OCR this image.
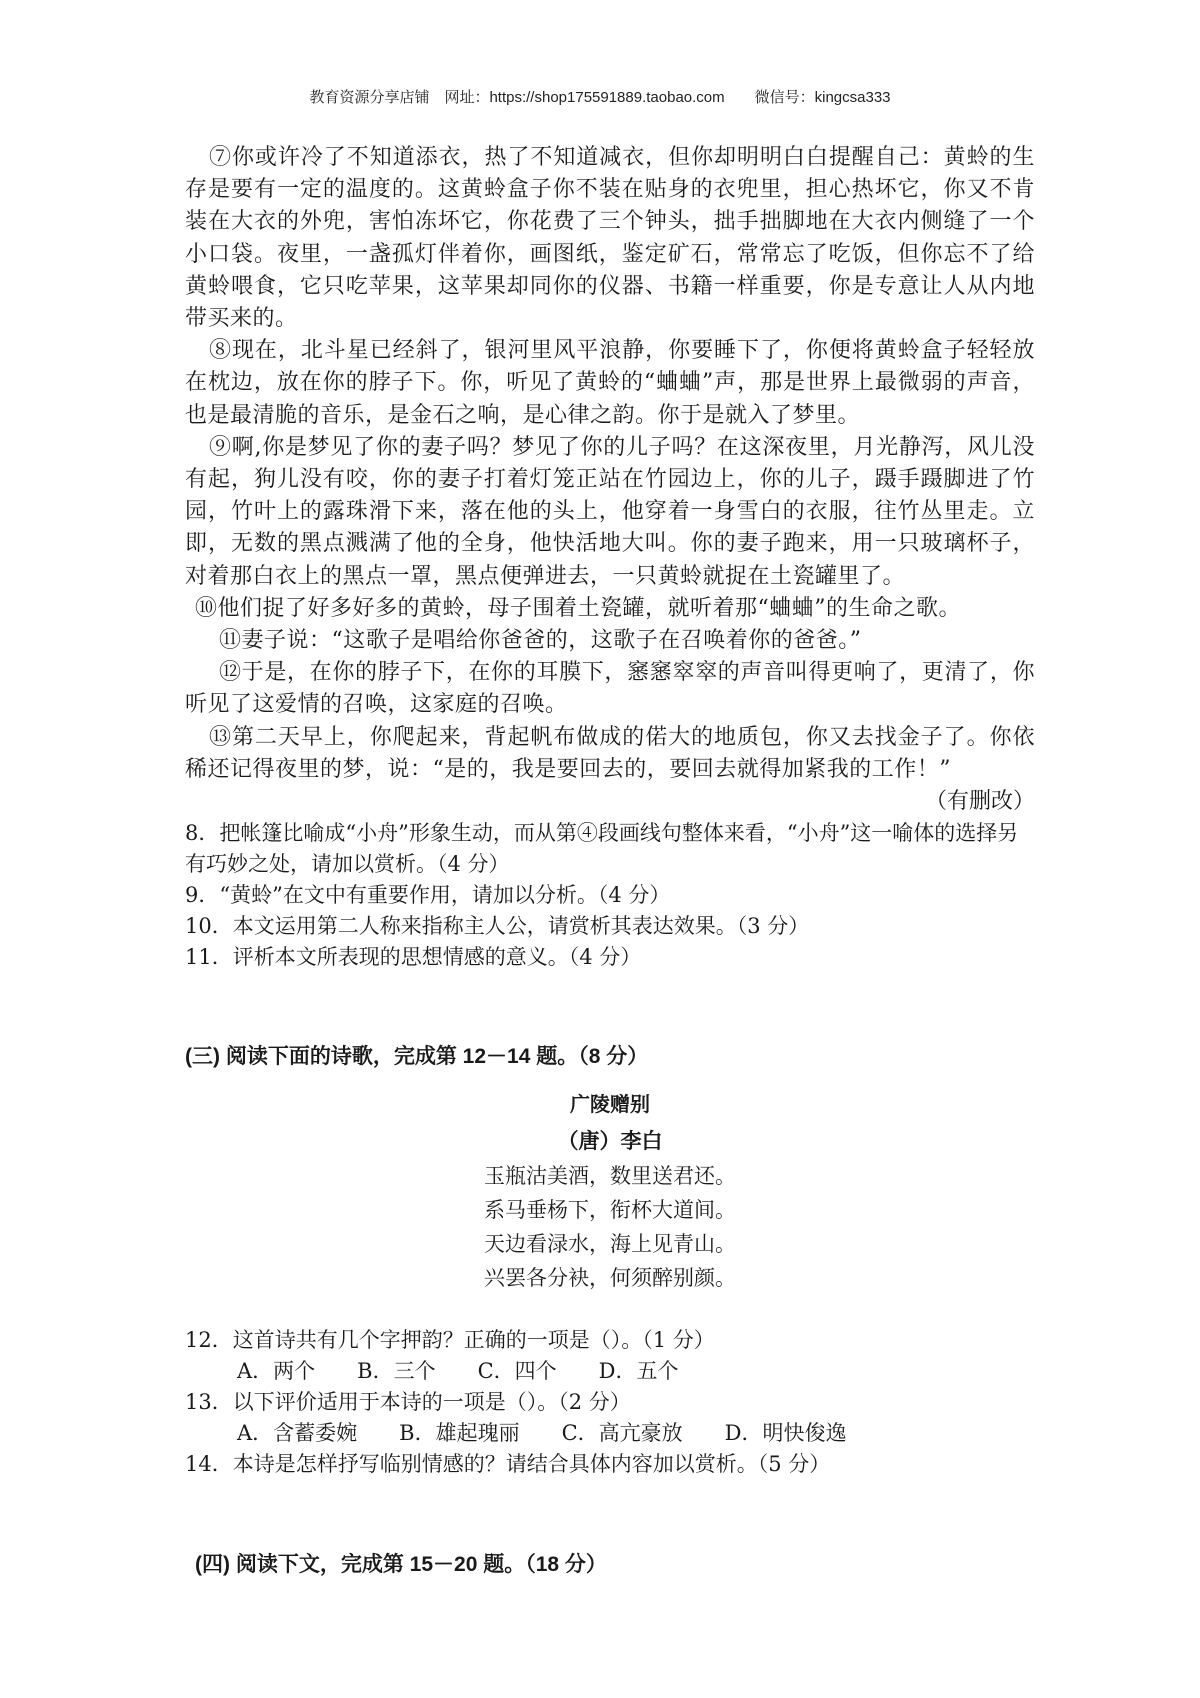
教育资源分享店铺　网址：https://shop175591889.taobao.com　　微信号：kingcsa333

⑦你或许冷了不知道添衣，热了不知道减衣，但你却明明白白提醒自己：黄蛉的生存是要有一定的温度的。这黄蛉盒子你不装在贴身的衣兜里，担心热坏它，你又不肯装在大衣的外兜，害怕冻坏它，你花费了三个钟头，拙手拙脚地在大衣内侧缝了一个小口袋。夜里，一盏孤灯伴着你，画图纸，鉴定矿石，常常忘了吃饭，但你忘不了给黄蛉喂食，它只吃苹果，这苹果却同你的仪器、书籍一样重要，你是专意让人从内地带买来的。

⑧现在，北斗星已经斜了，银河里风平浪静，你要睡下了，你便将黄蛉盒子轻轻放在枕边，放在你的脖子下。你，听见了黄蛉的“蛐蛐”声，那是世界上最微弱的声音，也是最清脆的音乐，是金石之响，是心律之韵。你于是就入了梦里。

⑨啊,你是梦见了你的妻子吗？梦见了你的儿子吗？在这深夜里，月光静泻，风儿没有起，狗儿没有咬，你的妻子打着灯笼正站在竹园边上，你的儿子，蹑手蹑脚进了竹园，竹叶上的露珠滑下来，落在他的头上，他穿着一身雪白的衣服，往竹丛里走。立即，无数的黑点溅满了他的全身，他快活地大叫。你的妻子跑来，用一只玻璃杯子，对着那白衣上的黑点一罩，黑点便弹进去，一只黄蛉就捉在土瓷罐里了。

⑩他们捉了好多好多的黄蛉，母子围着土瓷罐，就听着那“蛐蛐”的生命之歌。

⑪妻子说：“这歌子是唱给你爸爸的，这歌子在召唤着你的爸爸。”

⑫于是，在你的脖子下，在你的耳膜下，窸窸窣窣的声音叫得更响了，更清了，你听见了这爱情的召唤，这家庭的召唤。

⑬第二天早上，你爬起来，背起帆布做成的偌大的地质包，你又去找金子了。你依稀还记得夜里的梦，说：“是的，我是要回去的，要回去就得加紧我的工作！”

（有删改）

8．把帐篷比喻成“小舟”形象生动，而从第④段画线句整体来看，“小舟”这一喻体的选择另有巧妙之处，请加以赏析。（4 分）

9．“黄蛉”在文中有重要作用，请加以分析。（4 分）

10．本文运用第二人称来指称主人公，请赏析其表达效果。（3 分）

11．评析本文所表现的思想情感的意义。（4 分）

(三) 阅读下面的诗歌，完成第 12－14 题。（8 分）

广陵赠别

（唐）李白

玉瓶沽美酒，数里送君还。

系马垂杨下，衔杯大道间。

天边看渌水，海上见青山。

兴罢各分袂，何须醉别颜。

12．这首诗共有几个字押韵？正确的一项是（）。（1 分）

A．两个　　B．三个　　C．四个　　D．五个

13．以下评价适用于本诗的一项是（）。（2 分）

A．含蓄委婉　　B．雄起瑰丽　　C．高亢豪放　　D．明快俊逸

14．本诗是怎样抒写临别情感的？请结合具体内容加以赏析。（5 分）

(四) 阅读下文，完成第 15－20 题。（18 分）
